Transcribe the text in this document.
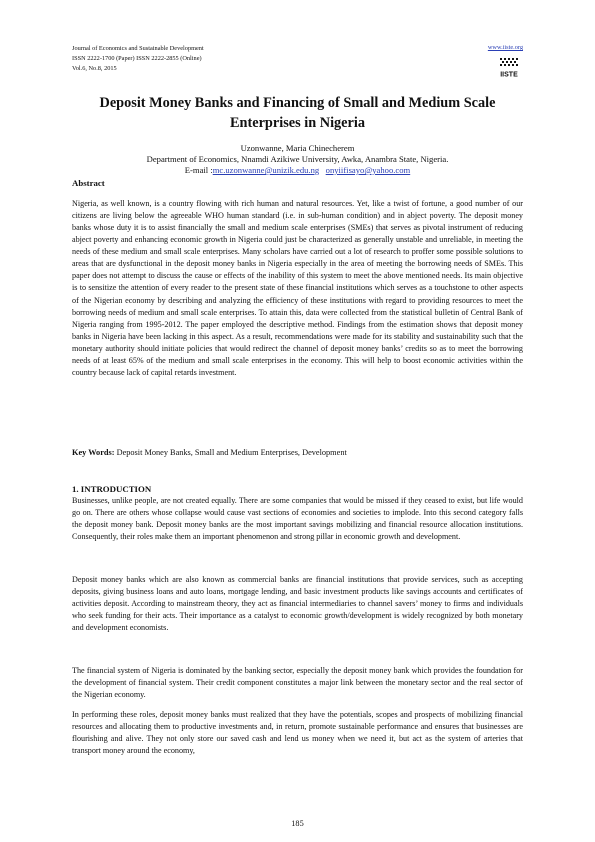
Journal of Economics and Sustainable Development
ISSN 2222-1700 (Paper) ISSN 2222-2855 (Online)
Vol.6, No.8, 2015
www.iiste.org
IISTE
Deposit Money Banks and Financing of Small and Medium Scale Enterprises in Nigeria
Uzonwanne, Maria Chinecherem
Department of Economics, Nnamdi Azikiwe University, Awka, Anambra State, Nigeria.
E-mail :mc.uzonwanne@unizik.edu.ng onyiifisayo@yahoo.com

Abstract

Nigeria, as well known, is a country flowing with rich human and natural resources. Yet, like a twist of fortune, a good number of our citizens are living below the agreeable WHO human standard (i.e. in sub-human condition) and in abject poverty. The deposit money banks whose duty it is to assist financially the small and medium scale enterprises (SMEs) that serves as pivotal instrument of reducing abject poverty and enhancing economic growth in Nigeria could just be characterized as generally unstable and unreliable, in meeting the needs of these medium and small scale enterprises. Many scholars have carried out a lot of research to proffer some possible solutions to areas that are dysfunctional in the deposit money banks in Nigeria especially in the area of meeting the borrowing needs of SMEs. This paper does not attempt to discuss the cause or effects of the inability of this system to meet the above mentioned needs. Its main objective is to sensitize the attention of every reader to the present state of these financial institutions which serves as a touchstone to other aspects of the Nigerian economy by describing and analyzing the efficiency of these institutions with regard to providing resources to meet the borrowing needs of medium and small scale enterprises. To attain this, data were collected from the statistical bulletin of Central Bank of Nigeria ranging from 1995-2012. The paper employed the descriptive method. Findings from the estimation shows that deposit money banks in Nigeria have been lacking in this aspect. As a result, recommendations were made for its stability and sustainability such that the monetary authority should initiate policies that would redirect the channel of deposit money banks’ credits so as to meet the borrowing needs of at least 65% of the medium and small scale enterprises in the economy. This will help to boost economic activities within the country because lack of capital retards investment.

Key Words: Deposit Money Banks, Small and Medium Enterprises, Development

1. INTRODUCTION

Businesses, unlike people, are not created equally. There are some companies that would be missed if they ceased to exist, but life would go on. There are others whose collapse would cause vast sections of economies and societies to implode. Into this second category falls the deposit money bank. Deposit money banks are the most important savings mobilizing and financial resource allocation institutions. Consequently, their roles make them an important phenomenon and strong pillar in economic growth and development.

Deposit money banks which are also known as commercial banks are financial institutions that provide services, such as accepting deposits, giving business loans and auto loans, mortgage lending, and basic investment products like savings accounts and certificates of activities deposit. According to mainstream theory, they act as financial intermediaries to channel savers’ money to firms and individuals who seek funding for their acts. Their importance as a catalyst to economic growth/development is widely recognized by both monetary and development economists.

The financial system of Nigeria is dominated by the banking sector, especially the deposit money bank which provides the foundation for the development of financial system. Their credit component constitutes a major link between the monetary sector and the real sector of the Nigerian economy.

In performing these roles, deposit money banks must realized that they have the potentials, scopes and prospects of mobilizing financial resources and allocating them to productive investments and, in return, promote sustainable performance and ensures that businesses are flourishing and alive. They not only store our saved cash and lend us money when we need it, but act as the system of arteries that transport money around the economy,

185
